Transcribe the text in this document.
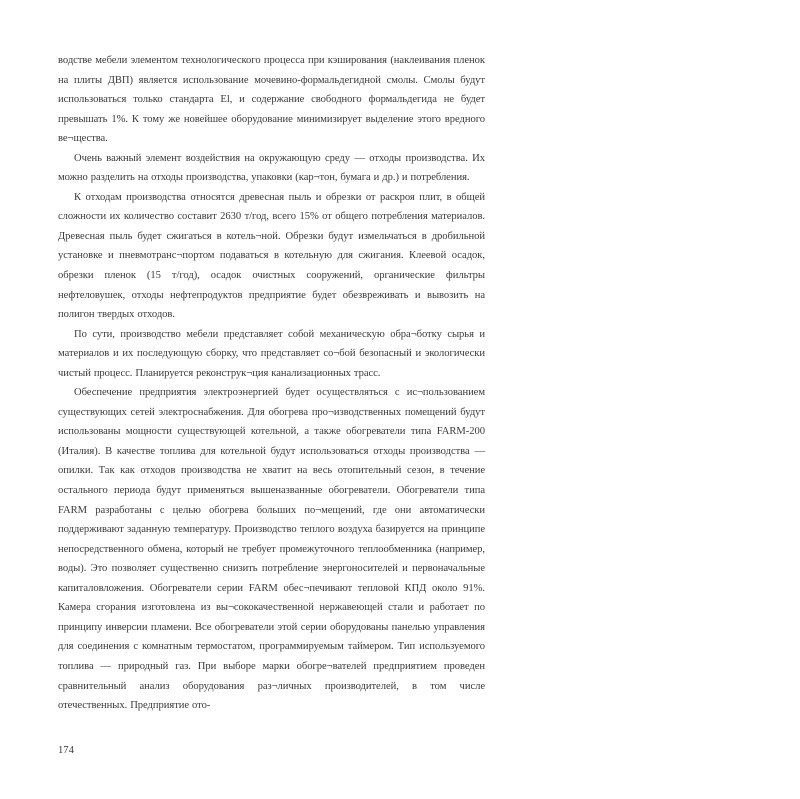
водстве мебели элементом технологического процесса при кэширования (наклеивания пленок на плиты ДВП) является использование мочевино-формальдегидной смолы. Смолы будут использоваться только стандарта El, и содержание свободного формальдегида не будет превышать 1%. К тому же новейшее оборудование минимизирует выделение этого вредного ве¬щества.

Очень важный элемент воздействия на окружающую среду — отходы производства. Их можно разделить на отходы производства, упаковки (кар¬тон, бумага и др.) и потребления.

К отходам производства относятся древесная пыль и обрезки от раскроя плит, в общей сложности их количество составит 2630 т/год, всего 15% от общего потребления материалов. Древесная пыль будет сжигаться в котель¬ной. Обрезки будут измельчаться в дробильной установке и пневмотранс¬портом подаваться в котельную для сжигания. Клеевой осадок, обрезки пленок (15 т/год), осадок очистных сооружений, органические фильтры нефтеловушек, отходы нефтепродуктов предприятие будет обезвреживать и вывозить на полигон твердых отходов.

По сути, производство мебели представляет собой механическую обра¬ботку сырья и материалов и их последующую сборку, что представляет со¬бой безопасный и экологически чистый процесс. Планируется реконструк¬ция канализационных трасс.

Обеспечение предприятия электроэнергией будет осуществляться с ис¬пользованием существующих сетей электроснабжения. Для обогрева про¬изводственных помещений будут использованы мощности существующей котельной, а также обогреватели типа FARM-200 (Италия). В качестве топлива для котельной будут использоваться отходы производства — опилки. Так как отходов производства не хватит на весь отопительный сезон, в течение остального периода будут применяться вышеназванные обогреватели. Обогреватели типа FARM разработаны с целью обогрева больших по¬мещений, где они автоматически поддерживают заданную температуру. Производство теплого воздуха базируется на принципе непосредственного обмена, который не требует промежуточного теплообменника (например, воды). Это позволяет существенно снизить потребление энергоносителей и первоначальные капиталовложения. Обогреватели серии FARM обес¬печивают тепловой КПД около 91%. Камера сгорания изготовлена из вы¬сококачественной нержавеющей стали и работает по принципу инверсии пламени. Все обогреватели этой серии оборудованы панелью управления для соединения с комнатным термостатом, программируемым таймером. Тип используемого топлива — природный газ. При выборе марки обогре¬вателей предприятием проведен сравнительный анализ оборудования раз¬личных производителей, в том числе отечественных. Предприятие ото-

174
